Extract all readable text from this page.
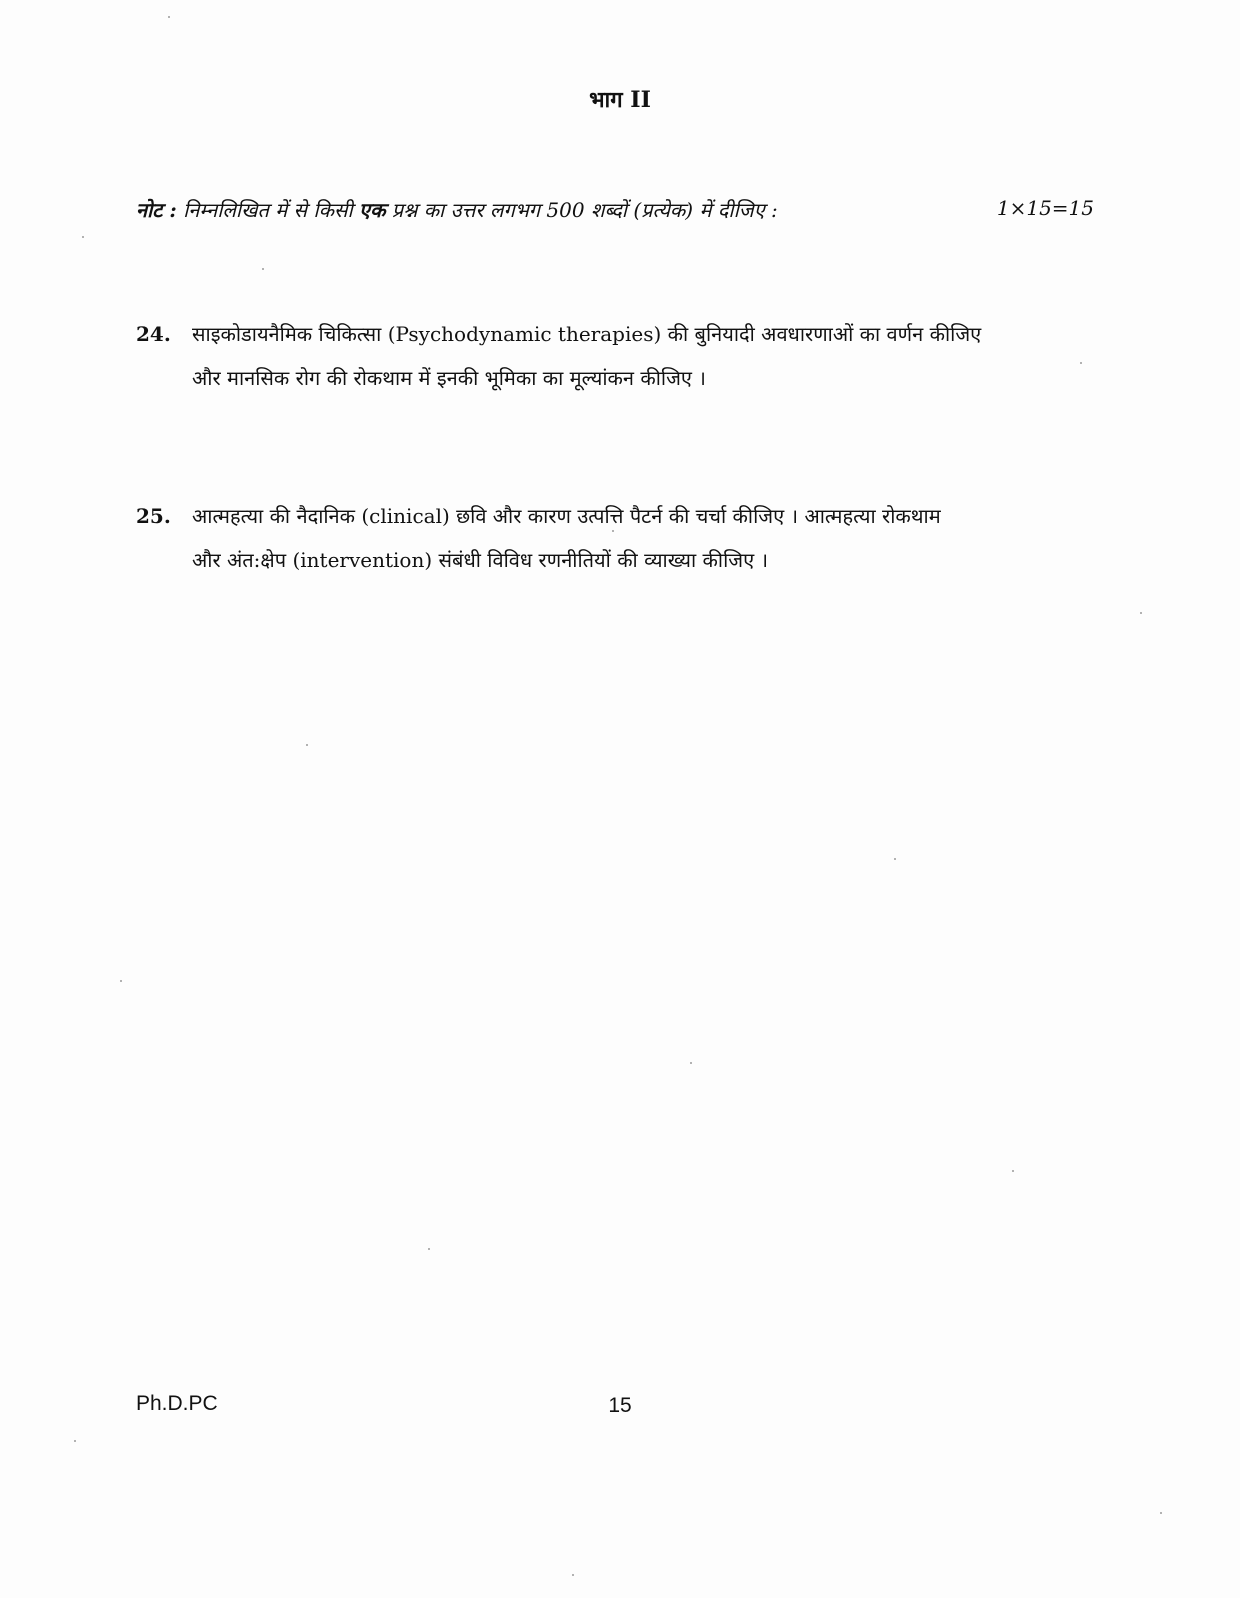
भाग II
नोट : निम्नलिखित में से किसी एक प्रश्न का उत्तर लगभग 500 शब्दों (प्रत्येक) में दीजिए :	1×15=15
24. साइकोडायनैमिक चिकित्सा (Psychodynamic therapies) की बुनियादी अवधारणाओं का वर्णन कीजिए
और मानसिक रोग की रोकथाम में इनकी भूमिका का मूल्यांकन कीजिए ।
25. आत्महत्या की नैदानिक (clinical) छवि और कारण उत्पत्ति पैटर्न की चर्चा कीजिए । आत्महत्या रोकथाम
और अंत:क्षेप (intervention) संबंधी विविध रणनीतियों की व्याख्या कीजिए ।
Ph.D.PC	15
